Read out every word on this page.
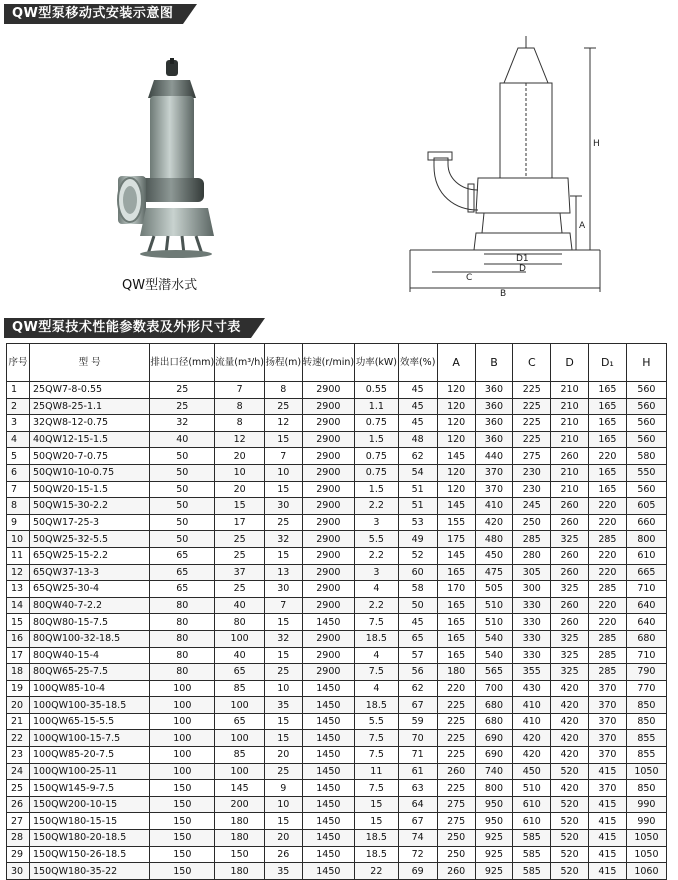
QW型泵移动式安装示意图
QW型潜水式
H
A
D1
D
C
B
QW型泵技术性能参数表及外形尺寸表
序号	型 号	排出口径(mm)	流量(m³/h)	扬程(m)	转速(r/min)	功率(kW)	效率(%)	A	B	C	D	D₁	H
1	25QW7-8-0.55	25	7	8	2900	0.55	45	120	360	225	210	165	560
2	25QW8-25-1.1	25	8	25	2900	1.1	45	120	360	225	210	165	560
3	32QW8-12-0.75	32	8	12	2900	0.75	45	120	360	225	210	165	560
4	40QW12-15-1.5	40	12	15	2900	1.5	48	120	360	225	210	165	560
5	50QW20-7-0.75	50	20	7	2900	0.75	62	145	440	275	260	220	580
6	50QW10-10-0.75	50	10	10	2900	0.75	54	120	370	230	210	165	550
7	50QW20-15-1.5	50	20	15	2900	1.5	51	120	370	230	210	165	560
8	50QW15-30-2.2	50	15	30	2900	2.2	51	145	410	245	260	220	605
9	50QW17-25-3	50	17	25	2900	3	53	155	420	250	260	220	660
10	50QW25-32-5.5	50	25	32	2900	5.5	49	175	480	285	325	285	800
11	65QW25-15-2.2	65	25	15	2900	2.2	52	145	450	280	260	220	610
12	65QW37-13-3	65	37	13	2900	3	60	165	475	305	260	220	665
13	65QW25-30-4	65	25	30	2900	4	58	170	505	300	325	285	710
14	80QW40-7-2.2	80	40	7	2900	2.2	50	165	510	330	260	220	640
15	80QW80-15-7.5	80	80	15	1450	7.5	45	165	510	330	260	220	640
16	80QW100-32-18.5	80	100	32	2900	18.5	65	165	540	330	325	285	680
17	80QW40-15-4	80	40	15	2900	4	57	165	540	330	325	285	710
18	80QW65-25-7.5	80	65	25	2900	7.5	56	180	565	355	325	285	790
19	100QW85-10-4	100	85	10	1450	4	62	220	700	430	420	370	770
20	100QW100-35-18.5	100	100	35	1450	18.5	67	225	680	410	420	370	850
21	100QW65-15-5.5	100	65	15	1450	5.5	59	225	680	410	420	370	850
22	100QW100-15-7.5	100	100	15	1450	7.5	70	225	690	420	420	370	855
23	100QW85-20-7.5	100	85	20	1450	7.5	71	225	690	420	420	370	855
24	100QW100-25-11	100	100	25	1450	11	61	260	740	450	520	415	1050
25	150QW145-9-7.5	150	145	9	1450	7.5	63	225	800	510	420	370	850
26	150QW200-10-15	150	200	10	1450	15	64	275	950	610	520	415	990
27	150QW180-15-15	150	180	15	1450	15	67	275	950	610	520	415	990
28	150QW180-20-18.5	150	180	20	1450	18.5	74	250	925	585	520	415	1050
29	150QW150-26-18.5	150	150	26	1450	18.5	72	250	925	585	520	415	1050
30	150QW180-35-22	150	180	35	1450	22	69	260	925	585	520	415	1060
